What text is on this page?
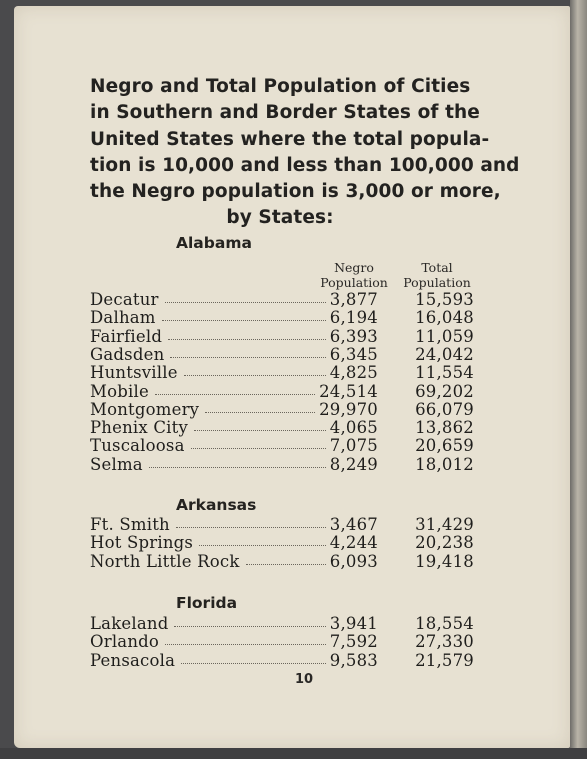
Negro and Total Population of Cities
in Southern and Border States of the
United States where the total popula-
tion is 10,000 and less than 100,000 and
the Negro population is 3,000 or more,
by States:
Negro
Population
Total
Population
Alabama
Decatur	3,877 15,593
Dalham	6,194 16,048
Fairfield	6,393 11,059
Gadsden	6,345 24,042
Huntsville	4,825 11,554
Mobile	24,514 69,202
Montgomery	29,970 66,079
Phenix City	4,065 13,862
Tuscaloosa	7,075 20,659
Selma	8,249 18,012
Arkansas
Ft. Smith	3,467 31,429
Hot Springs	4,244 20,238
North Little Rock	6,093 19,418
Florida
Lakeland	3,941 18,554
Orlando	7,592 27,330
Pensacola	9,583 21,579
10
